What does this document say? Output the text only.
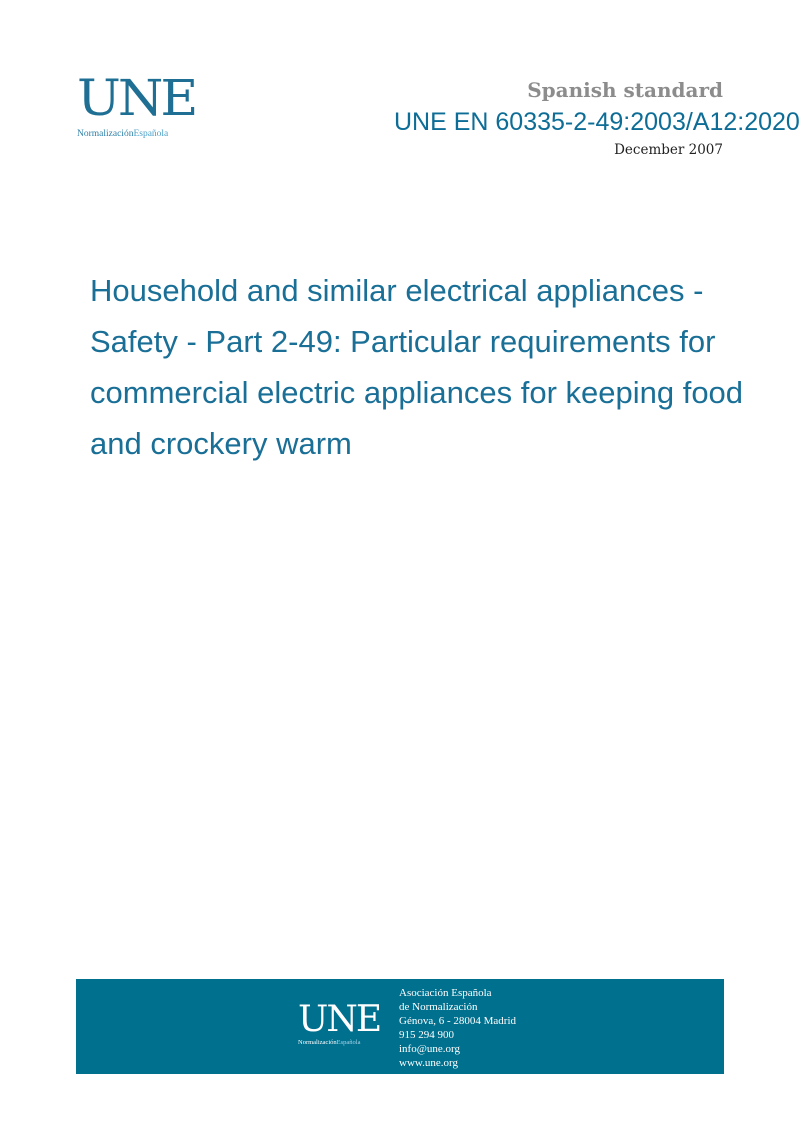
UNE
NormalizaciónEspañola
Spanish standard
UNE EN 60335-2-49:2003/A12:2020
December 2007
Household and similar electrical appliances - Safety - Part 2-49: Particular requirements for commercial electric appliances for keeping food and crockery warm
UNE
NormalizaciónEspañola
Asociación Española
de Normalización
Génova, 6 - 28004 Madrid
915 294 900
info@une.org
www.une.org
